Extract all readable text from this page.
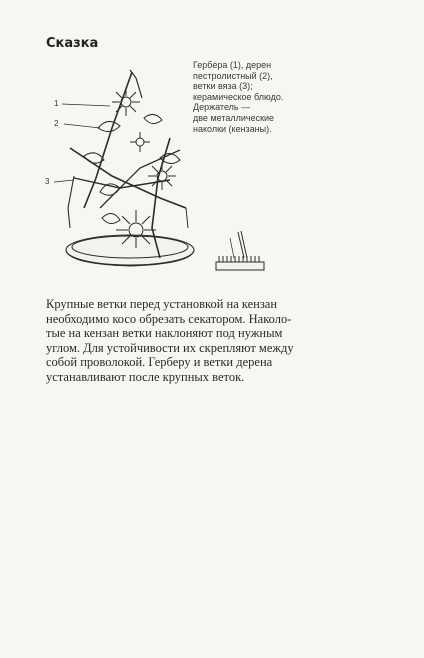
Сказка
1
2
3
Гербера (1), дерен
пестролистный (2),
ветки вяза (3);
керамическое блюдо.
Держатель —
две металлические
наколки (кензаны).
Крупные ветки перед установкой на кензан
необходимо косо обрезать секатором. Наколо-
тые на кензан ветки наклоняют под нужным
углом. Для устойчивости их скрепляют между
собой проволокой. Герберу и ветки дерена
устанавливают после крупных веток.
